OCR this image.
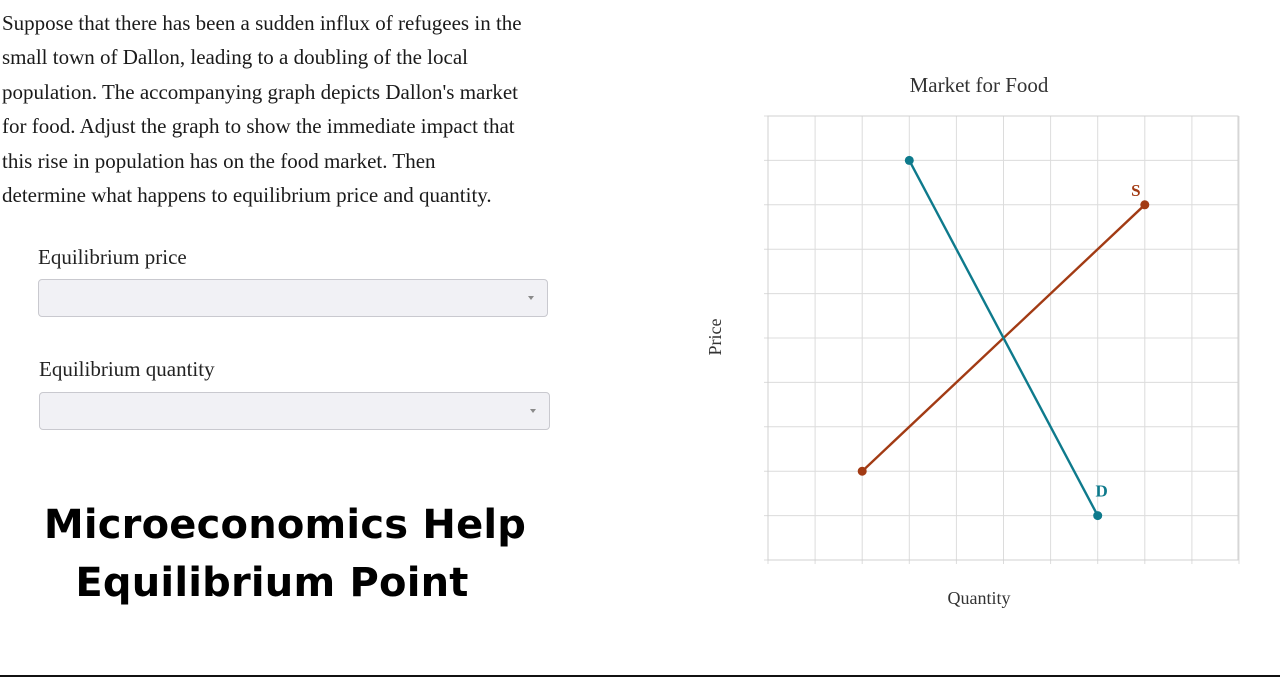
Suppose that there has been a sudden influx of refugees in the
small town of Dallon, leading to a doubling of the local
population. The accompanying graph depicts Dallon's market
for food. Adjust the graph to show the immediate impact that
this rise in population has on the food market. Then
determine what happens to equilibrium price and quantity.
Equilibrium price
Equilibrium quantity
Microeconomics Help
Equilibrium Point
Market for Food
Quantity
Price
S
D
